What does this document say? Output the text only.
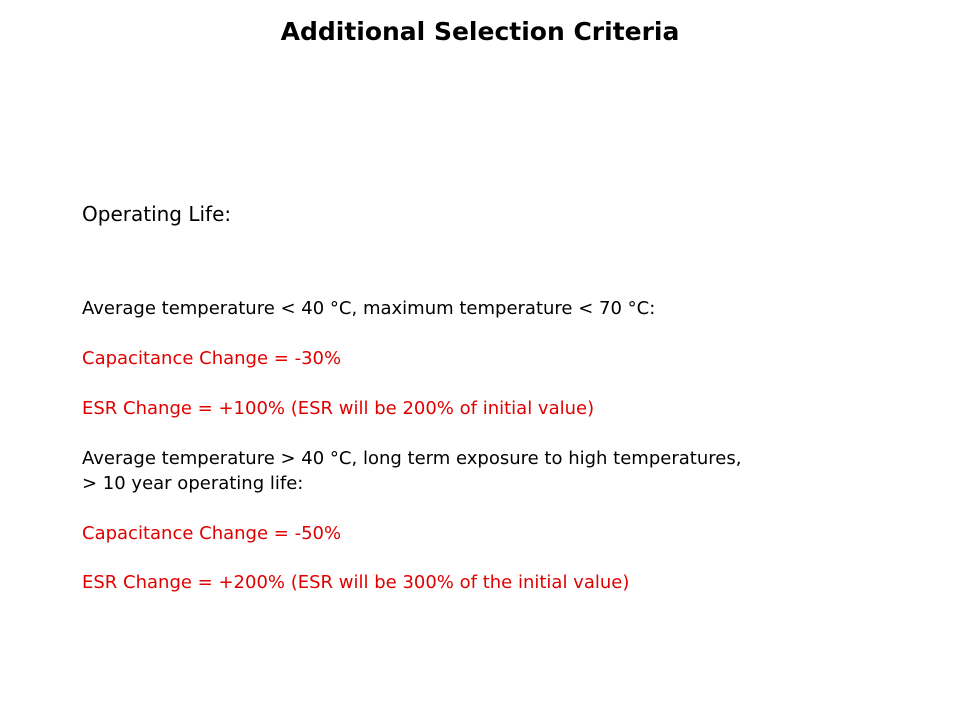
Additional Selection Criteria

Operating Life:

Average temperature < 40 °C, maximum temperature < 70 °C:

Capacitance Change = -30%

ESR Change = +100% (ESR will be 200% of initial value)

Average temperature > 40 °C, long term exposure to high temperatures,

> 10 year operating life:

Capacitance Change = -50%

ESR Change = +200% (ESR will be 300% of the initial value)
